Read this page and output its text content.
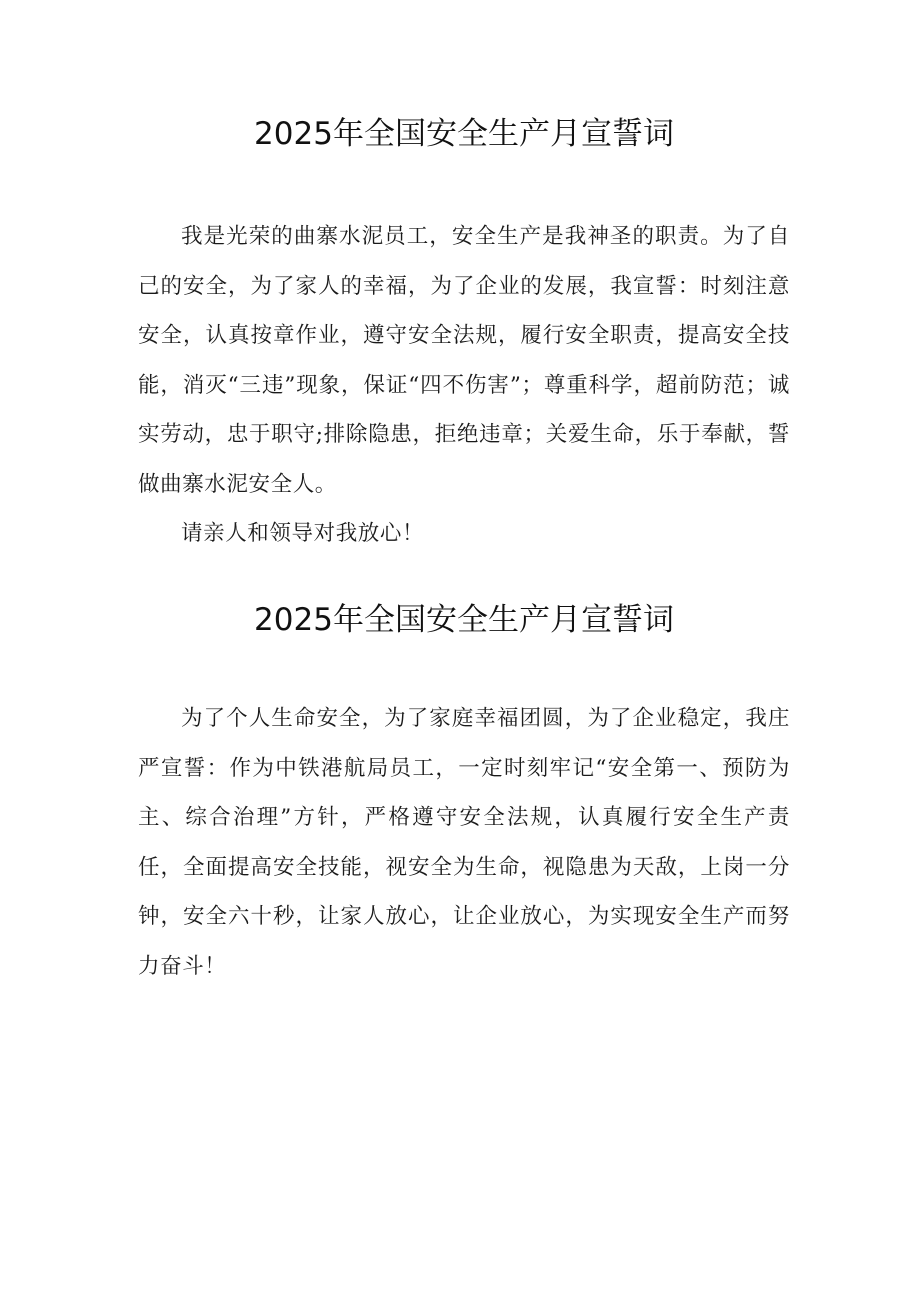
2025年全国安全生产月宣誓词

我是光荣的曲寨水泥员工，安全生产是我神圣的职责。为了自己的安全，为了家人的幸福，为了企业的发展，我宣誓：时刻注意安全，认真按章作业，遵守安全法规，履行安全职责，提高安全技能，消灭“三违”现象，保证“四不伤害”；尊重科学，超前防范；诚实劳动，忠于职守;排除隐患，拒绝违章；关爱生命，乐于奉献，誓做曲寨水泥安全人。

请亲人和领导对我放心！

2025年全国安全生产月宣誓词

为了个人生命安全，为了家庭幸福团圆，为了企业稳定，我庄严宣誓：作为中铁港航局员工，一定时刻牢记“安全第一、预防为主、综合治理”方针，严格遵守安全法规，认真履行安全生产责任，全面提高安全技能，视安全为生命，视隐患为天敌，上岗一分钟，安全六十秒，让家人放心，让企业放心，为实现安全生产而努力奋斗！
